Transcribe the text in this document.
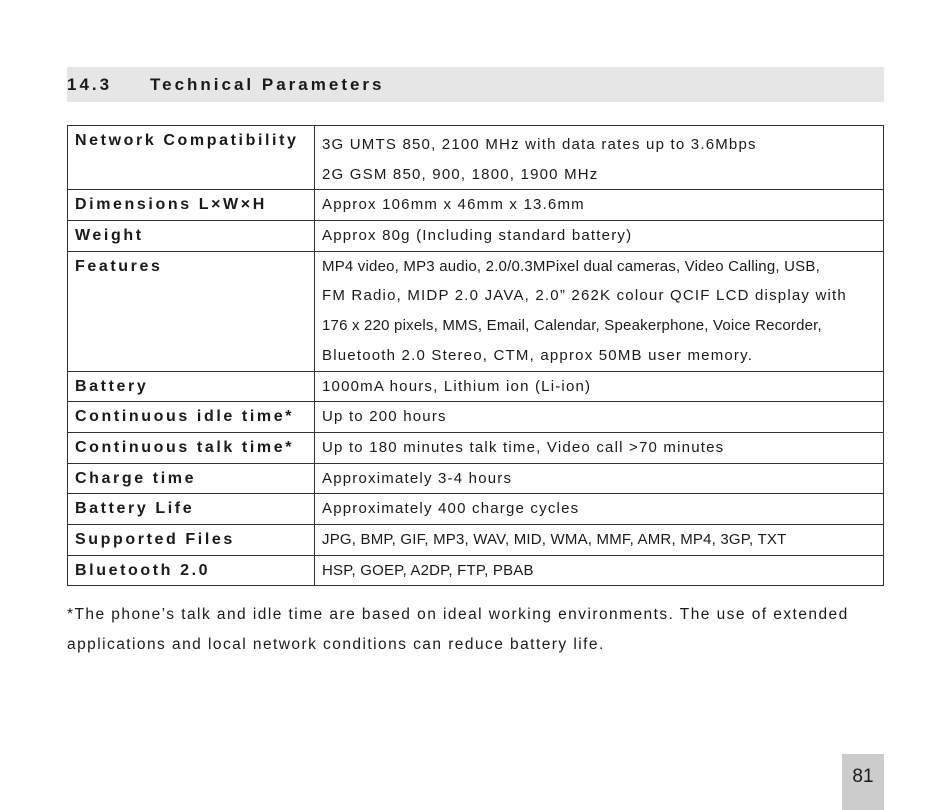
14.3 Technical Parameters
Network Compatibility	3G UMTS 850, 2100 MHz with data rates up to 3.6Mbps
2G GSM 850, 900, 1800, 1900 MHz

Dimensions L×W×H	Approx 106mm x 46mm x 13.6mm

Weight	Approx 80g (Including standard battery)

Features	MP4 video, MP3 audio, 2.0/0.3MPixel dual cameras, Video Calling, USB,
FM Radio, MIDP 2.0 JAVA, 2.0” 262K colour QCIF LCD display with
176 x 220 pixels, MMS, Email, Calendar, Speakerphone, Voice Recorder,
Bluetooth 2.0 Stereo, CTM, approx 50MB user memory.

Battery	1000mA hours, Lithium ion (Li-ion)

Continuous idle time*	Up to 200 hours

Continuous talk time*	Up to 180 minutes talk time, Video call >70 minutes

Charge time	Approximately 3-4 hours

Battery Life	Approximately 400 charge cycles

Supported Files	JPG, BMP, GIF, MP3, WAV, MID, WMA, MMF, AMR, MP4, 3GP, TXT

Bluetooth 2.0	HSP, GOEP, A2DP, FTP, PBAB
*The phone’s talk and idle time are based on ideal working environments. The use of extended
applications and local network conditions can reduce battery life.
81
